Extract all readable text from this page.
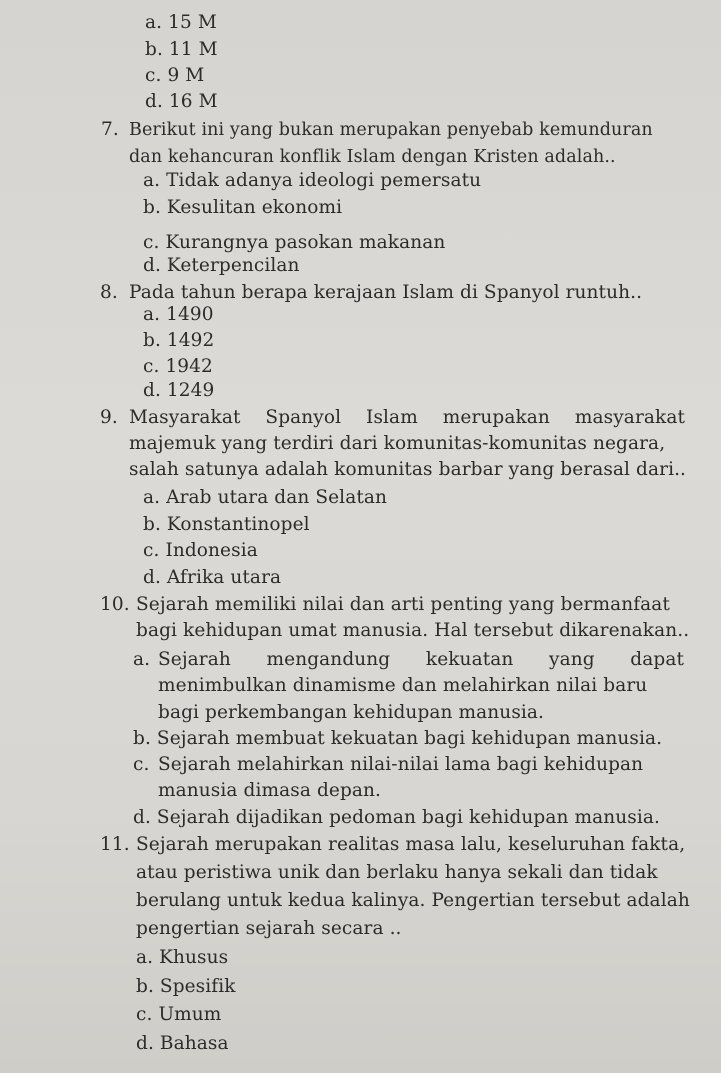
a. 15 M
b. 11 M
c. 9 M
d. 16 M
7. Berikut ini yang bukan merupakan penyebab kemunduran
dan kehancuran konflik Islam dengan Kristen adalah..
a. Tidak adanya ideologi pemersatu
b. Kesulitan ekonomi
c. Kurangnya pasokan makanan
d. Keterpencilan
8. Pada tahun berapa kerajaan Islam di Spanyol runtuh..
a. 1490
b. 1492
c. 1942
d. 1249
9. Masyarakat Spanyol Islam merupakan masyarakat
majemuk yang terdiri dari komunitas-komunitas negara,
salah satunya adalah komunitas barbar yang berasal dari..
a. Arab utara dan Selatan
b. Konstantinopel
c. Indonesia
d. Afrika utara
10. Sejarah memiliki nilai dan arti penting yang bermanfaat
bagi kehidupan umat manusia. Hal tersebut dikarenakan..
a. Sejarah mengandung kekuatan yang dapat
menimbulkan dinamisme dan melahirkan nilai baru
bagi perkembangan kehidupan manusia.
b. Sejarah membuat kekuatan bagi kehidupan manusia.
c. Sejarah melahirkan nilai-nilai lama bagi kehidupan
manusia dimasa depan.
d. Sejarah dijadikan pedoman bagi kehidupan manusia.
11. Sejarah merupakan realitas masa lalu, keseluruhan fakta,
atau peristiwa unik dan berlaku hanya sekali dan tidak
berulang untuk kedua kalinya. Pengertian tersebut adalah
pengertian sejarah secara ..
a. Khusus
b. Spesifik
c. Umum
d. Bahasa
